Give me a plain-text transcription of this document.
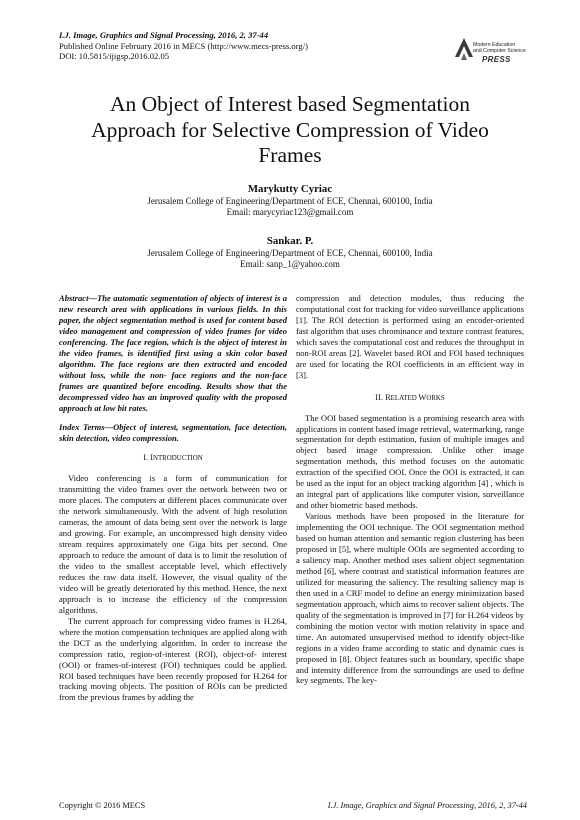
I.J. Image, Graphics and Signal Processing, 2016, 2, 37-44
Published Online February 2016 in MECS (http://www.mecs-press.org/)
DOI: 10.5815/ijigsp.2016.02.05
Modern Education
and Computer Science
PRESS
An Object of Interest based Segmentation
Approach for Selective Compression of Video
Frames
Marykutty Cyriac
Jerusalem College of Engineering/Department of ECE, Chennai, 600100, India
Email: marycyriac123@gmail.com
Sankar. P.
Jerusalem College of Engineering/Department of ECE, Chennai, 600100, India
Email: sanp_1@yahoo.com

Abstract—The automatic segmentation of objects of interest is a new research area with applications in various fields. In this paper, the object segmentation method is used for content based video management and compression of video frames for video conferencing. The face region, which is the object of interest in the video frames, is identified first using a skin color based algorithm. The face regions are then extracted and encoded without loss, while the non- face regions and the non-face frames are quantized before encoding. Results show that the decompressed video has an improved quality with the proposed approach at low bit rates.

Index Terms—Object of interest, segmentation, face detection, skin detection, video compression.

I. INTRODUCTION

Video conferencing is a form of communication for transmitting the video frames over the network between two or more places. The computers at different places communicate over the network simultaneously. With the advent of high resolution cameras, the amount of data being sent over the network is large and growing. For example, an uncompressed high density video stream requires approximately one Giga bits per second. One approach to reduce the amount of data is to limit the resolution of the video to the smallest acceptable level, which effectively reduces the raw data itself. However, the visual quality of the video will be greatly deteriorated by this method. Hence, the next approach is to increase the efficiency of the compression algorithms.

The current approach for compressing video frames is H.264, where the motion compensation techniques are applied along with the DCT as the underlying algorithm. In order to increase the compression ratio, region-of-interest (ROI), object-of- interest (OOI) or frames-of-interest (FOI) techniques could be applied. ROI based techniques have been recently proposed for H.264 for tracking moving objects. The position of ROIs can be predicted from the previous frames by adding the

compression and detection modules, thus reducing the computational cost for tracking for video surveillance applications [1]. The ROI detection is performed using an encoder-oriented fast algorithm that uses chrominance and texture contrast features, which saves the computational cost and reduces the throughput in non-ROI areas [2]. Wavelet based ROI and FOI based techniques are used for locating the ROI coefficients in an efficient way in [3].

II. RELATED WORKS

The OOI based segmentation is a promising research area with applications in content based image retrieval, watermarking, range segmentation for depth estimation, fusion of multiple images and object based image compression. Unlike other image segmentation methods, this method focuses on the automatic extraction of the specified OOI. Once the OOI is extracted, it can be used as the input for an object tracking algorithm [4] , which is an integral part of applications like computer vision, surveillance and other biometric based methods.

Various methods have been proposed in the literature for implementing the OOI technique. The OOI segmentation method based on human attention and semantic region clustering has been proposed in [5], where multiple OOIs are segmented according to a saliency map. Another method uses salient object segmentation method [6], where contrast and statistical information features are utilized for measuring the saliency. The resulting saliency map is then used in a CRF model to define an energy minimization based segmentation approach, which aims to recover salient objects. The quality of the segmentation is improved in [7] for H.264 videos by combining the motion vector with motion relativity in space and time. An automated unsupervised method to identify object-like regions in a video frame according to static and dynamic cues is proposed in [8]. Object features such as boundary, specific shape and intensity difference from the surroundings are used to define key segments. The key-

Copyright © 2016 MECS	I.J. Image, Graphics and Signal Processing, 2016, 2, 37-44
